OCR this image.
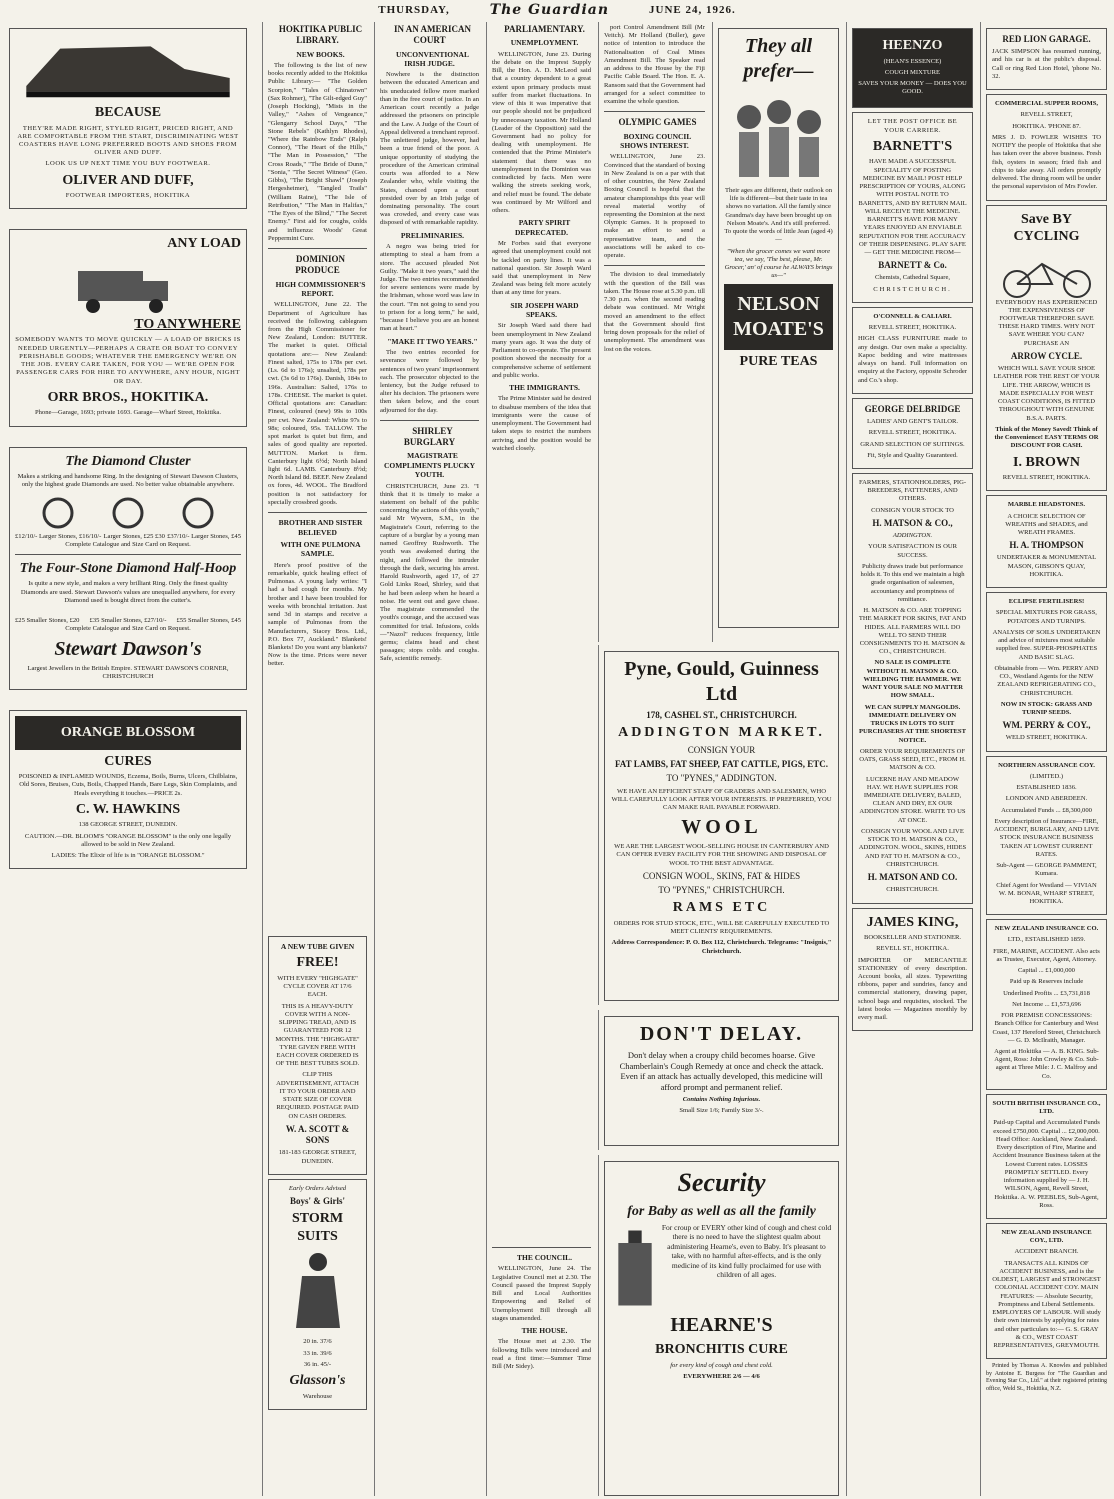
THURSDAY,	The Guardian	JUNE 24, 1926.

BECAUSE

THEY'RE MADE RIGHT, STYLED RIGHT, PRICED RIGHT, AND ARE COMFORTABLE FROM THE START, DISCRIMINATING WEST COASTERS HAVE LONG PREFERRED BOOTS AND SHOES FROM OLIVER AND DUFF.

LOOK US UP NEXT TIME YOU BUY FOOTWEAR.

OLIVER AND DUFF,

FOOTWEAR IMPORTERS, HOKITIKA

ANY LOAD

TO ANYWHERE

SOMEBODY WANTS TO MOVE QUICKLY — A LOAD OF BRICKS IS NEEDED URGENTLY—PERHAPS A CRATE OR BOAT TO CONVEY PERISHABLE GOODS; WHATEVER THE EMERGENCY WE'RE ON THE JOB. EVERY CARE TAKEN, FOR YOU — WE'RE OPEN FOR PASSENGER CARS FOR HIRE TO ANYWHERE, ANY HOUR, NIGHT OR DAY.

ORR BROS., HOKITIKA.

Phone—Garage, 1693; private 1693. Garage—Wharf Street, Hokitika.

The Diamond Cluster

Makes a striking and handsome Ring. In the designing of Stewart Dawson Clusters, only the highest grade Diamonds are used. No better value obtainable anywhere.

£12/10/- Larger Stones, £16/10/- Larger Stones, £25 £30 £37/10/- Larger Stones, £45

Complete Catalogue and Size Card on Request.

The Four-Stone Diamond Half-Hoop

Is quite a new style, and makes a very brilliant Ring. Only the finest quality Diamonds are used. Stewart Dawson's values are unequalled anywhere, for every Diamond used is bought direct from the cutter's.

£25 Smaller Stones, £20 £35 Smaller Stones, £27/10/- £55 Smaller Stones, £45

Complete Catalogue and Size Card on Request.

Stewart Dawson's

Largest Jewellers in the British Empire. STEWART DAWSON'S CORNER, CHRISTCHURCH

ORANGE BLOSSOM

CURES

POISONED & INFLAMED WOUNDS, Eczema, Boils, Burns, Ulcers, Chilblains, Old Sores, Bruises, Cuts, Boils, Chapped Hands, Bare Legs, Skin Complaints, and Heals everything it touches.—PRICE 2s.

C. W. HAWKINS

138 GEORGE STREET, DUNEDIN.

CAUTION.—DR. BLOOM'S "ORANGE BLOSSOM" is the only one legally allowed to be sold in New Zealand.

LADIES: The Elixir of life is in "ORANGE BLOSSOM."

HOKITIKA PUBLIC LIBRARY.

NEW BOOKS.

The following is the list of new books recently added to the Hokitika Public Library:— "The Golden Scorpion," "Tales of Chinatown" (Sax Rohmer), "The Gilt-edged Guy" (Joseph Hocking), "Mists in the Valley," "Ashes of Vengeance," "Glengarry School Days," "The Stone Rebels" (Kathlyn Rhodes), "Where the Rainbow Ends" (Ralph Connor), "The Heart of the Hills," "The Man in Possession," "The Cross Roads," "The Bride of Dunn," "Sonia," "The Secret Witness" (Geo. Gibbs), "The Bright Shawl" (Joseph Hergesheimer), "Tangled Trails" (William Raine), "The Isle of Retribution," "The Man in Halifax," "The Eyes of the Blind," "The Secret Enemy." First aid for coughs, colds and influenza: Woods' Great Peppermint Cure.

DOMINION PRODUCE

HIGH COMMISSIONER'S REPORT.

WELLINGTON, June 22. The Department of Agriculture has received the following cablegram from the High Commissioner for New Zealand, London: BUTTER. The market is quiet. Official quotations are:— New Zealand: Finest salted, 175s to 178s per cwt. (Ls. 6d to 176s); unsalted, 178s per cwt. (3s 6d to 176s). Danish, 184s to 196s. Australian: Salted, 176s to 178s. CHEESE. The market is quiet. Official quotations are: Canadian: Finest, coloured (new) 99s to 100s per cwt. New Zealand: White 97s to 98s; coloured, 95s. TALLOW. The spot market is quiet but firm, and sales of good quality are reported. MUTTON. Market is firm. Canterbury light 6½d; North Island light 6d. LAMB. Canterbury 8½d; North Island 8d. BEEF. New Zealand ox fores, 4d. WOOL. The Bradford position is not satisfactory for specially crossbred goods.

BROTHER AND SISTER BELIEVED

WITH ONE PULMONA SAMPLE.

Here's proof positive of the remarkable, quick healing effect of Pulmonas. A young lady writes: "I had a bad cough for months. My brother and I have been troubled for weeks with bronchial irritation. Just send 3d in stamps and receive a sample of Pulmonas from the Manufacturers, Stacey Bros. Ltd., P.O. Box 77, Auckland." Blankets! Blankets! Do you want any blankets? Now is the time. Prices were never better.

A NEW TUBE GIVEN

FREE!

WITH EVERY "HIGHGATE" CYCLE COVER AT 17/6 EACH.

THIS IS A HEAVY-DUTY COVER WITH A NON-SLIPPING TREAD, AND IS GUARANTEED FOR 12 MONTHS. THE "HIGHGATE" TYRE GIVEN FREE WITH EACH COVER ORDERED IS OF THE BEST TUBES SOLD.

CLIP THIS ADVERTISEMENT, ATTACH IT TO YOUR ORDER AND STATE SIZE OF COVER REQUIRED. POSTAGE PAID ON CASH ORDERS.

W. A. SCOTT & SONS

181-183 GEORGE STREET, DUNEDIN.

Early Orders Advised

Boys' & Girls'

STORM SUITS

20 in. 37/6

33 in. 39/6

36 in. 45/-

Glasson's

Warehouse

IN AN AMERICAN COURT

UNCONVENTIONAL IRISH JUDGE.

Nowhere is the distinction between the educated American and his uneducated fellow more marked than in the free court of justice. In an American court recently a judge addressed the prisoners on principle and the Law. A Judge of the Court of Appeal delivered a trenchant reproof. The unlettered judge, however, had been a true friend of the poor. A unique opportunity of studying the procedure of the American criminal courts was afforded to a New Zealander who, while visiting the States, chanced upon a court presided over by an Irish judge of dominating personality. The court was crowded, and every case was disposed of with remarkable rapidity.

PRELIMINARIES.

A negro was being tried for attempting to steal a ham from a store. The accused pleaded Not Guilty. "Make it two years," said the Judge. The two entries recommended for severe sentences were made by the Irishman, whose word was law in the court. "I'm not going to send you to prison for a long term," he said, "because I believe you are an honest man at heart."

"MAKE IT TWO YEARS."

The two entries recorded for severance were followed by sentences of two years' imprisonment each. The prosecutor objected to the leniency, but the Judge refused to alter his decision. The prisoners were then taken below, and the court adjourned for the day.

SHIRLEY BURGLARY

MAGISTRATE COMPLIMENTS PLUCKY YOUTH.

CHRISTCHURCH, June 23. "I think that it is timely to make a statement on behalf of the public concerning the actions of this youth," said Mr Wyvern, S.M., in the Magistrate's Court, referring to the capture of a burglar by a young man named Geoffrey Rushworth. The youth was awakened during the night, and followed the intruder through the dark, securing his arrest. Harold Rushworth, aged 17, of 27 Gold Links Road, Shirley, said that he had been asleep when he heard a noise. He went out and gave chase. The magistrate commended the youth's courage, and the accused was committed for trial. Infusions, colds—"Nazol" reduces frequency, little germs; claims head and chest passages; stops colds and coughs. Safe, scientific remedy.

PARLIAMENTARY.

UNEMPLOYMENT.

WELLINGTON, June 23. During the debate on the Imprest Supply Bill, the Hon. A. D. McLeod said that a country dependent to a great extent upon primary products must suffer from market fluctuations. In view of this it was imperative that our people should not be prejudiced by unnecessary taxation. Mr Holland (Leader of the Opposition) said the Government had no policy for dealing with unemployment. He contended that the Prime Minister's statement that there was no unemployment in the Dominion was contradicted by facts. Men were walking the streets seeking work, and relief must be found. The debate was continued by Mr Wilford and others.

PARTY SPIRIT DEPRECATED.

Mr Forbes said that everyone agreed that unemployment could not be tackled on party lines. It was a national question. Sir Joseph Ward said that unemployment in New Zealand was being felt more acutely than at any time for years.

SIR JOSEPH WARD SPEAKS.

Sir Joseph Ward said there had been unemployment in New Zealand many years ago. It was the duty of Parliament to co-operate. The present position showed the necessity for a comprehensive scheme of settlement and public works.

THE IMMIGRANTS.

The Prime Minister said he desired to disabuse members of the idea that immigrants were the cause of unemployment. The Government had taken steps to restrict the numbers arriving, and the position would be watched closely.

port Control Amendment Bill (Mr Veitch). Mr Holland (Buller), gave notice of intention to introduce the Nationalisation of Coal Mines Amendment Bill. The Speaker read an address to the House by the Fiji Pacific Cable Board. The Hon. E. A. Ransom said that the Government had arranged for a select committee to examine the whole question.

OLYMPIC GAMES

BOXING COUNCIL SHOWS INTEREST.

WELLINGTON, June 23. Convinced that the standard of boxing in New Zealand is on a par with that of other countries, the New Zealand Boxing Council is hopeful that the amateur championships this year will reveal material worthy of representing the Dominion at the next Olympic Games. It is proposed to make an effort to send a representative team, and the associations will be asked to co-operate.

The division to deal immediately with the question of the Bill was taken. The House rose at 5.30 p.m. till 7.30 p.m. when the second reading debate was continued. Mr Wright moved an amendment to the effect that the Government should first bring down proposals for the relief of unemployment. The amendment was lost on the voices.

They all prefer—

Their ages are different, their outlook on life is different—but their taste in tea shows no variation. All the family since Grandma's day have been brought up on Nelson Moate's. And it's still preferred. To quote the words of little Jean (aged 4)—

"When the grocer comes we want more tea, we say, 'The best, please, Mr. Grocer,' an' of course he ALWAYS brings us—"

NELSON MOATE'S

PURE TEAS

Pyne, Gould, Guinness Ltd

178, CASHEL ST., CHRISTCHURCH.

ADDINGTON MARKET.

CONSIGN YOUR

FAT LAMBS, FAT SHEEP, FAT CATTLE, PIGS, ETC.

TO "PYNES," ADDINGTON.

WE HAVE AN EFFICIENT STAFF OF GRADERS AND SALESMEN, WHO WILL CAREFULLY LOOK AFTER YOUR INTERESTS. IF PREFERRED, YOU CAN MAKE RAIL PAYABLE FORWARD.

WOOL

WE ARE THE LARGEST WOOL-SELLING HOUSE IN CANTERBURY AND CAN OFFER EVERY FACILITY FOR THE SHOWING AND DISPOSAL OF WOOL TO THE BEST ADVANTAGE.

CONSIGN WOOL, SKINS, FAT & HIDES

TO "PYNES," CHRISTCHURCH.

RAMS ETC

ORDERS FOR STUD STOCK, ETC., WILL BE CAREFULLY EXECUTED TO MEET CLIENTS' REQUIREMENTS.

Address Correspondence: P. O. Box 112, Christchurch. Telegrams: "Insignis," Christchurch.

THE COUNCIL.

WELLINGTON, June 24. The Legislative Council met at 2.30. The Council passed the Imprest Supply Bill and Local Authorities Empowering and Relief of Unemployment Bill through all stages unamended.

THE HOUSE.

The House met at 2.30. The following Bills were introduced and read a first time:—Summer Time Bill (Mr Sidey).

DON'T DELAY.

Don't delay when a croupy child becomes hoarse. Give Chamberlain's Cough Remedy at once and check the attack. Even if an attack has actually developed, this medicine will afford prompt and permanent relief.

Contains Nothing Injurious.

Small Size 1/6; Family Size 3/-.

Security

for Baby as well as all the family

For croup or EVERY other kind of cough and chest cold there is no need to have the slightest qualm about administering Hearne's, even to Baby. It's pleasant to take, with no harmful after-effects, and is the only medicine of its kind fully proclaimed for use with children of all ages.

HEARNE'S

BRONCHITIS CURE

for every kind of cough and chest cold.

EVERYWHERE 2/6 — 4/6

HEENZO

(HEAN'S ESSENCE)

COUGH MIXTURE

SAVES YOUR MONEY — DOES YOU GOOD.

LET THE POST OFFICE BE YOUR CARRIER.

BARNETT'S

HAVE MADE A SUCCESSFUL SPECIALITY OF POSTING MEDICINE BY MAIL! POST HELP PRESCRIPTION OF YOURS, ALONG WITH POSTAL NOTE TO BARNETTS, AND BY RETURN MAIL WILL RECEIVE THE MEDICINE. BARNETT'S HAVE FOR MANY YEARS ENJOYED AN ENVIABLE REPUTATION FOR THE ACCURACY OF THEIR DISPENSING. PLAY SAFE — GET THE MEDICINE FROM—

BARNETT & Co.

Chemists, Cathedral Square,

CHRISTCHURCH.

O'CONNELL & CALIARI.

REVELL STREET, HOKITIKA.

HIGH CLASS FURNITURE made to any design. Our own make a speciality. Kapoc bedding and wire mattresses always on hand. Full information on enquiry at the Factory, opposite Schroder and Co.'s shop.

GEORGE DELBRIDGE

LADIES' AND GENT'S TAILOR.

REVELL STREET, HOKITIKA.

GRAND SELECTION OF SUITINGS.

Fit, Style and Quality Guaranteed.

FARMERS, STATIONHOLDERS, PIG-BREEDERS, FATTENERS, AND OTHERS.

CONSIGN YOUR STOCK TO

H. MATSON & CO.,

ADDINGTON.

YOUR SATISFACTION IS OUR SUCCESS.

Publicity draws trade but performance holds it. To this end we maintain a high grade organisation of salesmen, accountancy and promptness of remittance.

H. MATSON & CO. ARE TOPPING THE MARKET FOR SKINS, FAT AND HIDES. ALL FARMERS WILL DO WELL TO SEND THEIR CONSIGNMENTS TO H. MATSON & CO., CHRISTCHURCH.

NO SALE IS COMPLETE WITHOUT H. MATSON & CO. WIELDING THE HAMMER. WE WANT YOUR SALE NO MATTER HOW SMALL.

WE CAN SUPPLY MANGOLDS. IMMEDIATE DELIVERY ON TRUCKS IN LOTS TO SUIT PURCHASERS AT THE SHORTEST NOTICE.

ORDER YOUR REQUIREMENTS OF OATS, GRASS SEED, ETC., FROM H. MATSON & CO.

LUCERNE HAY AND MEADOW HAY. WE HAVE SUPPLIES FOR IMMEDIATE DELIVERY, BALED, CLEAN AND DRY, EX OUR ADDINGTON STORE. WRITE TO US AT ONCE.

CONSIGN YOUR WOOL AND LIVE STOCK TO H. MATSON & CO., ADDINGTON. WOOL, SKINS, HIDES AND FAT TO H. MATSON & CO., CHRISTCHURCH.

H. MATSON AND CO.

CHRISTCHURCH.

JAMES KING,

BOOKSELLER AND STATIONER.

REVELL ST., HOKITIKA.

IMPORTER OF MERCANTILE STATIONERY of every description. Account books, all sizes. Typewriting ribbons, paper and sundries, fancy and commercial stationery, drawing paper, school bags and requisites, stocked. The latest books — Magazines monthly by every mail.

RED LION GARAGE.

JACK SIMPSON has resumed running, and his car is at the public's disposal. Call or ring Red Lion Hotel, 'phone No. 32.

COMMERCIAL SUPPER ROOMS,

REVELL STREET,

HOKITIKA. 'PHONE 87.

MRS J. D. FOWLER WISHES TO NOTIFY the people of Hokitika that she has taken over the above business. Fresh fish, oysters in season; fried fish and chips to take away. All orders promptly delivered. The dining room will be under the personal supervision of Mrs Fowler.

Save BY CYCLING

EVERYBODY HAS EXPERIENCED THE EXPENSIVENESS OF FOOTWEAR THEREFORE SAVE THESE HARD TIMES. WHY NOT SAVE WHERE YOU CAN? PURCHASE AN

ARROW CYCLE.

WHICH WILL SAVE YOUR SHOE LEATHER FOR THE REST OF YOUR LIFE. THE ARROW, WHICH IS MADE ESPECIALLY FOR WEST COAST CONDITIONS, IS FITTED THROUGHOUT WITH GENUINE B.S.A. PARTS.

Think of the Money Saved! Think of the Convenience! EASY TERMS OR DISCOUNT FOR CASH.

I. BROWN

REVELL STREET, HOKITIKA.

MARBLE HEADSTONES.

A CHOICE SELECTION OF WREATHS and SHADES, and WREATH FRAMES.

H. A. THOMPSON

UNDERTAKER & MONUMENTAL MASON, GIBSON'S QUAY, HOKITIKA.

ECLIPSE FERTILISERS!

SPECIAL MIXTURES FOR GRASS, POTATOES AND TURNIPS.

ANALYSIS OF SOILS UNDERTAKEN and advice of mixtures most suitable supplied free. SUPER-PHOSPHATES AND BASIC SLAG.

Obtainable from — Wm. PERRY AND CO., Westland Agents for the NEW ZEALAND REFRIGERATING CO., CHRISTCHURCH.

NOW IN STOCK: GRASS AND TURNIP SEEDS.

WM. PERRY & COY.,

WELD STREET, HOKITIKA.

NORTHERN ASSURANCE COY.

(LIMITED.)

ESTABLISHED 1836.

LONDON AND ABERDEEN.

Accumulated Funds ... £8,300,000

Every description of Insurance—FIRE, ACCIDENT, BURGLARY, AND LIVE STOCK INSURANCE BUSINESS TAKEN AT LOWEST CURRENT RATES.

Sub-Agent — GEORGE PAMMENT, Kumara.

Chief Agent for Westland — VIVIAN W. M. BONAR, WHARF STREET, HOKITIKA.

NEW ZEALAND INSURANCE CO.

LTD., ESTABLISHED 1859.

FIRE, MARINE, ACCIDENT. Also acts as Trustee, Executor, Agent, Attorney.

Capital ... £1,000,000

Paid up & Reserves include

Underlined Profits ... £3,731,818

Net Income ... £1,573,696

FOR PREMISE CONCESSIONS: Branch Office for Canterbury and West Coast, 137 Hereford Street, Christchurch — G. D. McIlraith, Manager.

Agent at Hokitika — A. B. KING. Sub-Agent, Ross: John Crowley & Co. Sub-agent at Three Mile: J. C. Malfroy and Co.

SOUTH BRITISH INSURANCE CO., LTD.

Paid-up Capital and Accumulated Funds exceed £750,000. Capital ... £2,000,000. Head Office: Auckland, New Zealand. Every description of Fire, Marine and Accident Insurance Business taken at the Lowest Current rates. LOSSES PROMPTLY SETTLED. Every information supplied by — J. H. WILSON, Agent, Revell Street, Hokitika. A. W. PEEBLES, Sub-Agent, Ross.

NEW ZEALAND INSURANCE COY., LTD.

ACCIDENT BRANCH.

TRANSACTS ALL KINDS OF ACCIDENT BUSINESS, and is the OLDEST, LARGEST and STRONGEST COLONIAL ACCIDENT COY. MAIN FEATURES: — Absolute Security, Promptness and Liberal Settlements. EMPLOYERS OF LABOUR. Will study their own interests by applying for rates and other particulars to:— G. S. GRAY & CO., WEST COAST REPRESENTATIVES, GREYMOUTH.

Printed by Thomas A. Knowles and published by Antoine E. Burgess for "The Guardian and Evening Star Co., Ltd." at their registered printing office, Weld St., Hokitika, N.Z.
